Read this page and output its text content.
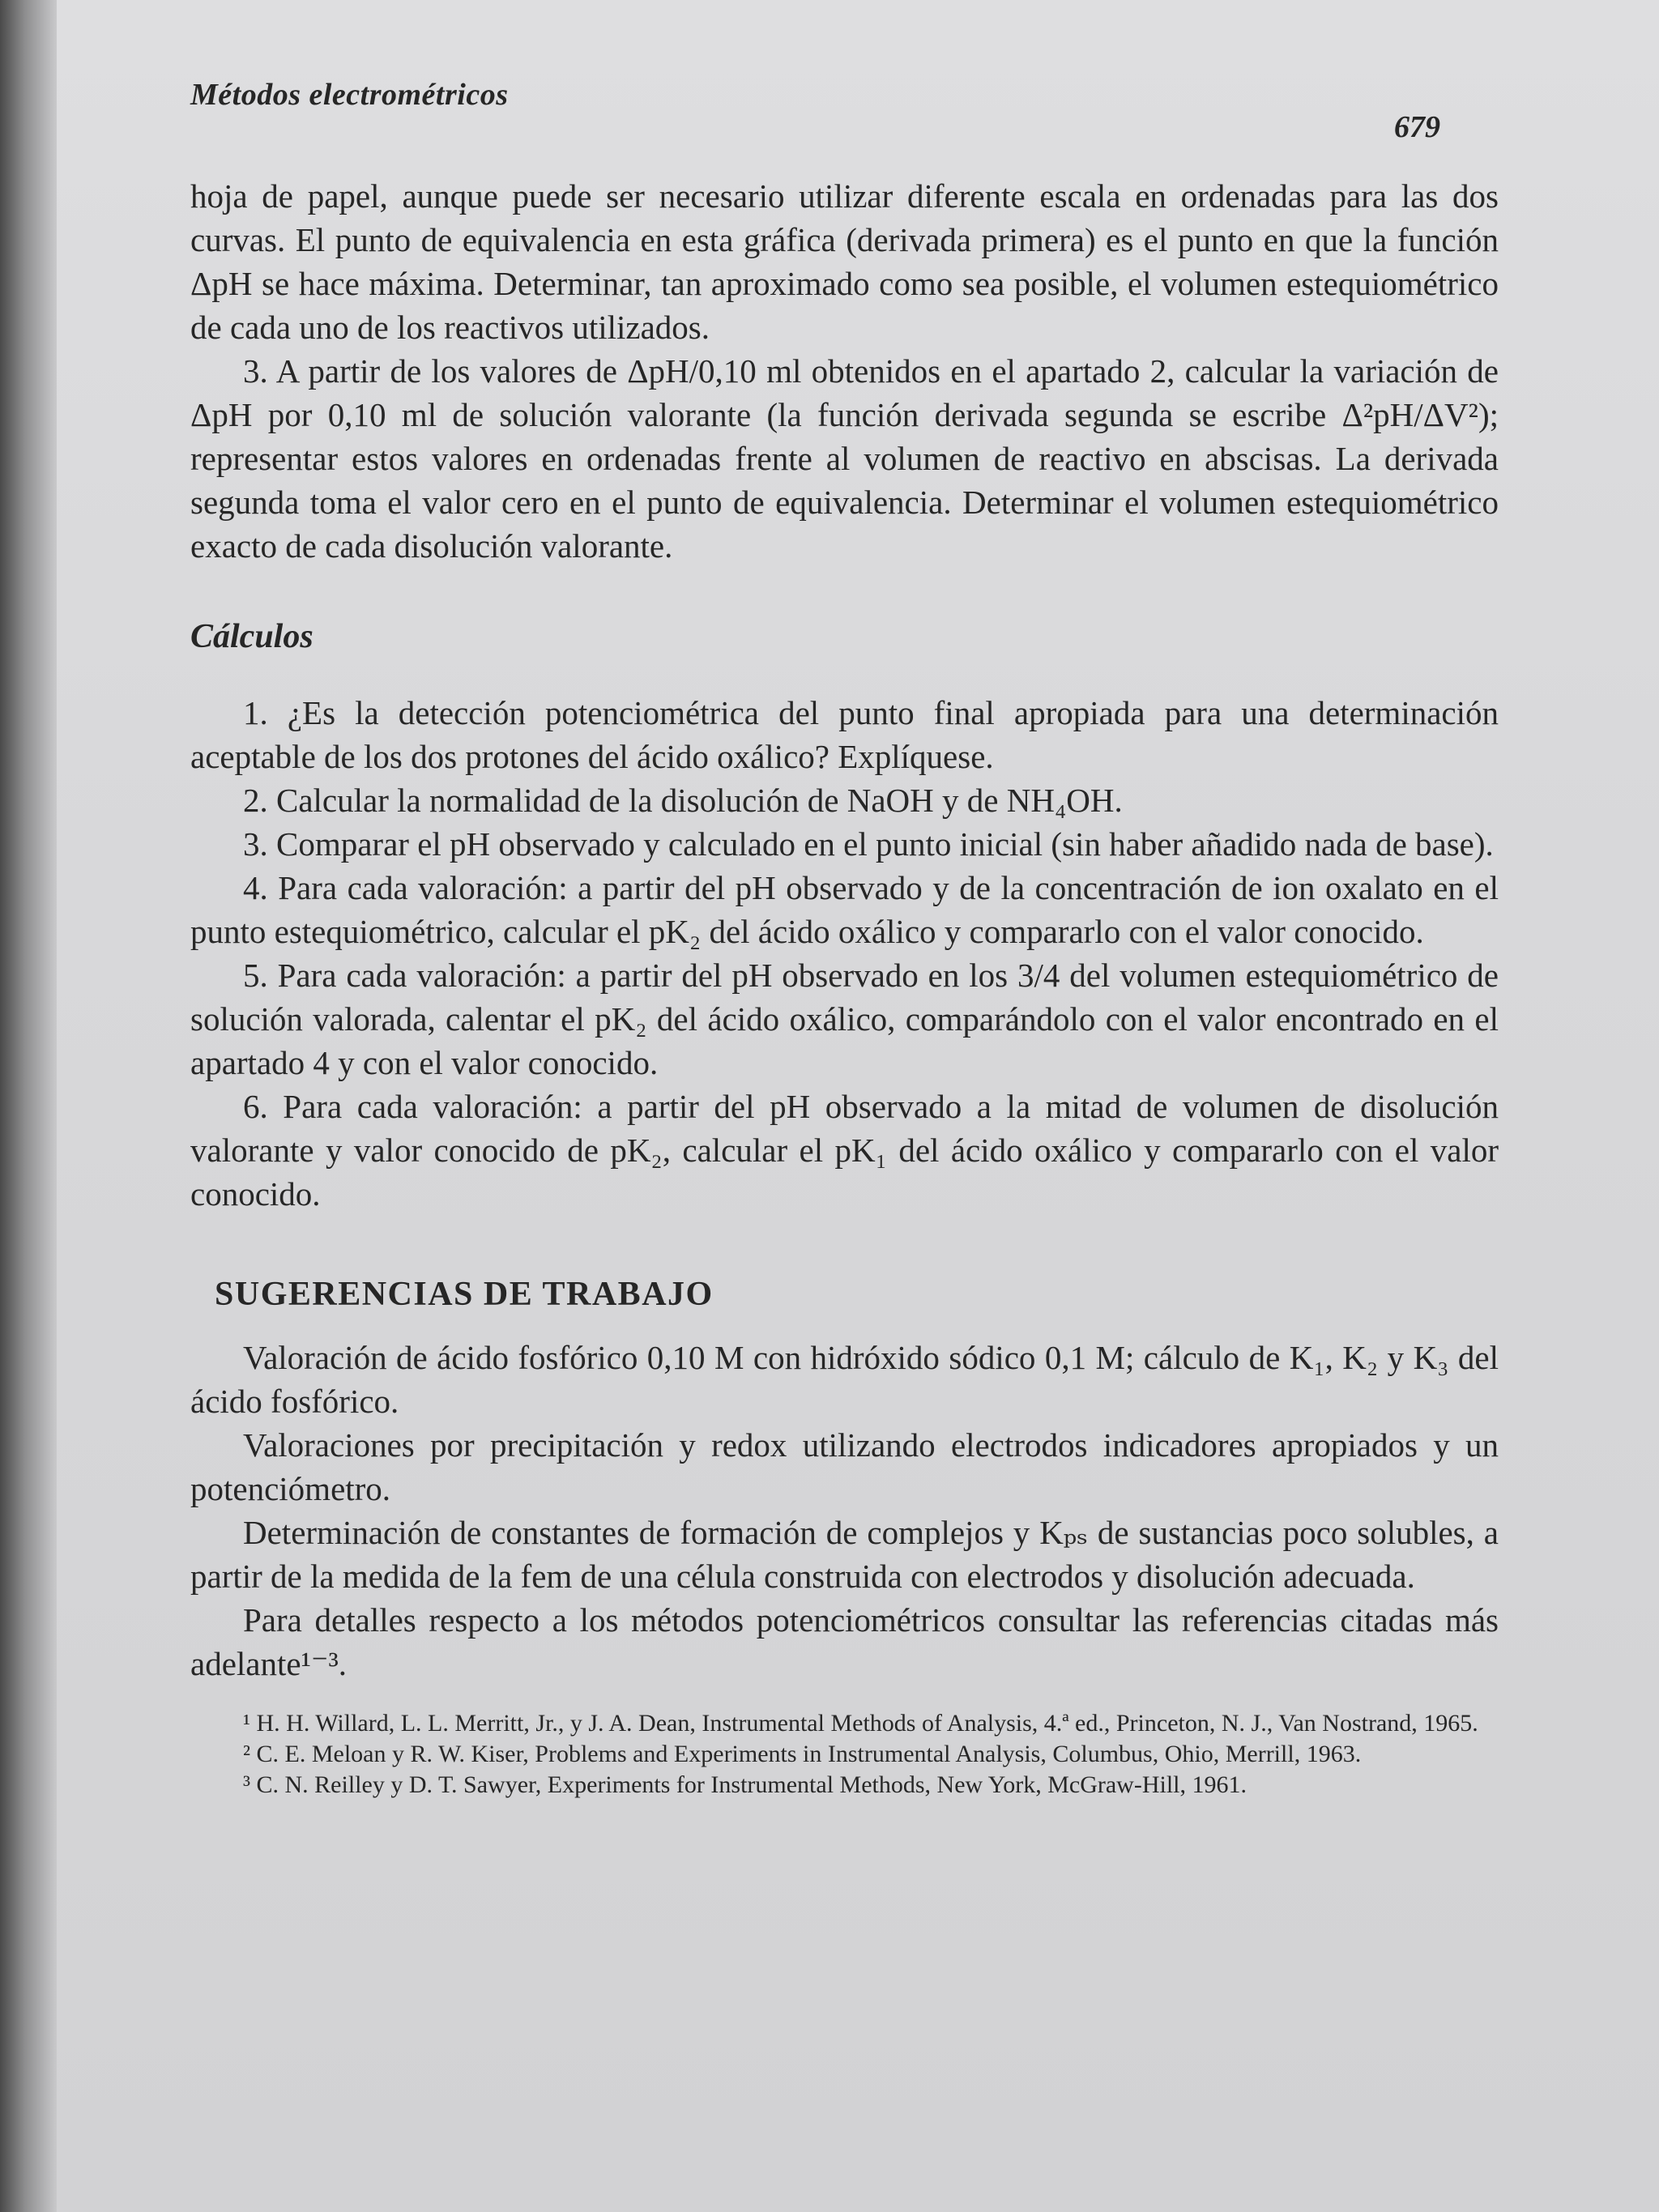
Métodos electrométricos
679

hoja de papel, aunque puede ser necesario utilizar diferente escala en ordenadas para las dos curvas. El punto de equivalencia en esta gráfica (derivada primera) es el punto en que la función ΔpH se hace máxima. Determinar, tan aproximado como sea posible, el volumen estequiométrico de cada uno de los reactivos utilizados.

3. A partir de los valores de ΔpH/0,10 ml obtenidos en el apartado 2, calcular la variación de ΔpH por 0,10 ml de solución valorante (la función derivada segunda se escribe Δ²pH/ΔV²); representar estos valores en ordenadas frente al volumen de reactivo en abscisas. La derivada segunda toma el valor cero en el punto de equivalencia. Determinar el volumen estequiométrico exacto de cada disolución valorante.

Cálculos

1. ¿Es la detección potenciométrica del punto final apropiada para una determinación aceptable de los dos protones del ácido oxálico? Explíquese.

2. Calcular la normalidad de la disolución de NaOH y de NH₄OH.

3. Comparar el pH observado y calculado en el punto inicial (sin haber añadido nada de base).

4. Para cada valoración: a partir del pH observado y de la concentración de ion oxalato en el punto estequiométrico, calcular el pK₂ del ácido oxálico y compararlo con el valor conocido.

5. Para cada valoración: a partir del pH observado en los 3/4 del volumen estequiométrico de solución valorada, calentar el pK₂ del ácido oxálico, comparándolo con el valor encontrado en el apartado 4 y con el valor conocido.

6. Para cada valoración: a partir del pH observado a la mitad de volumen de disolución valorante y valor conocido de pK₂, calcular el pK₁ del ácido oxálico y compararlo con el valor conocido.

SUGERENCIAS DE TRABAJO

Valoración de ácido fosfórico 0,10 M con hidróxido sódico 0,1 M; cálculo de K₁, K₂ y K₃ del ácido fosfórico.

Valoraciones por precipitación y redox utilizando electrodos indicadores apropiados y un potenciómetro.

Determinación de constantes de formación de complejos y Kₚₛ de sustancias poco solubles, a partir de la medida de la fem de una célula construida con electrodos y disolución adecuada.

Para detalles respecto a los métodos potenciométricos consultar las referencias citadas más adelante¹⁻³.

¹ H. H. Willard, L. L. Merritt, Jr., y J. A. Dean, Instrumental Methods of Analysis, 4.ª ed., Princeton, N. J., Van Nostrand, 1965.

² C. E. Meloan y R. W. Kiser, Problems and Experiments in Instrumental Analysis, Columbus, Ohio, Merrill, 1963.

³ C. N. Reilley y D. T. Sawyer, Experiments for Instrumental Methods, New York, McGraw-Hill, 1961.
